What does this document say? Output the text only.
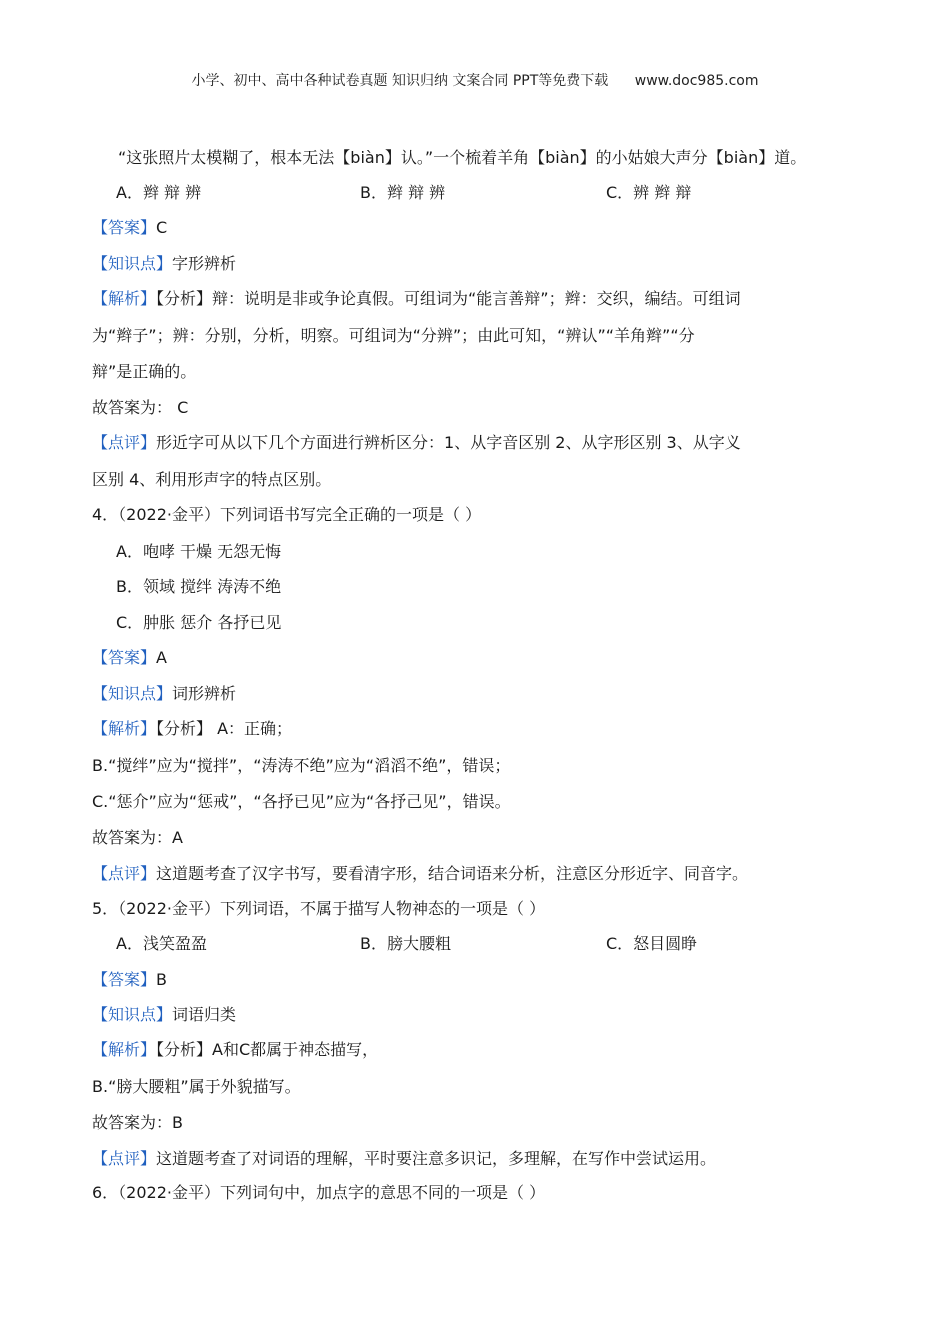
小学、初中、高中各种试卷真题 知识归纳 文案合同 PPT等免费下载 www.doc985.com
“这张照片太模糊了，根本无法【biàn】认。”一个梳着羊角【biàn】的小姑娘大声分【biàn】道。
A．辫 辩 辨	B．辫 辩 辨	C．辨 辫 辩
【答案】C
【知识点】字形辨析
【解析】【分析】辩：说明是非或争论真假。可组词为“能言善辩”；辫：交织，编结。可组词
为“辫子”；辨：分别，分析，明察。可组词为“分辨”；由此可知，“辨认”“羊角辫”“分
辩”是正确的。
故答案为： C
【点评】形近字可从以下几个方面进行辨析区分：1、从字音区别 2、从字形区别 3、从字义
区别 4、利用形声字的特点区别。
4．（2022·金平）下列词语书写完全正确的一项是（ ）
A．咆哮 干燥 无怨无悔
B．领域 搅绊 涛涛不绝
C．肿胀 惩介 各抒已见
【答案】A
【知识点】词形辨析
【解析】【分析】 A：正确；
B.“搅绊”应为“搅拌”，“涛涛不绝”应为“滔滔不绝”，错误；
C.“惩介”应为“惩戒”，“各抒已见”应为“各抒己见”，错误。
故答案为：A
【点评】这道题考查了汉字书写，要看清字形，结合词语来分析，注意区分形近字、同音字。
5．（2022·金平）下列词语，不属于描写人物神态的一项是（ ）
A．浅笑盈盈	B．膀大腰粗	C．怒目圆睁
【答案】B
【知识点】词语归类
【解析】【分析】A和C都属于神态描写，
B.“膀大腰粗”属于外貌描写。
故答案为：B
【点评】这道题考查了对词语的理解，平时要注意多识记，多理解，在写作中尝试运用。
6．（2022·金平）下列词句中，加点字的意思不同的一项是（ ）
